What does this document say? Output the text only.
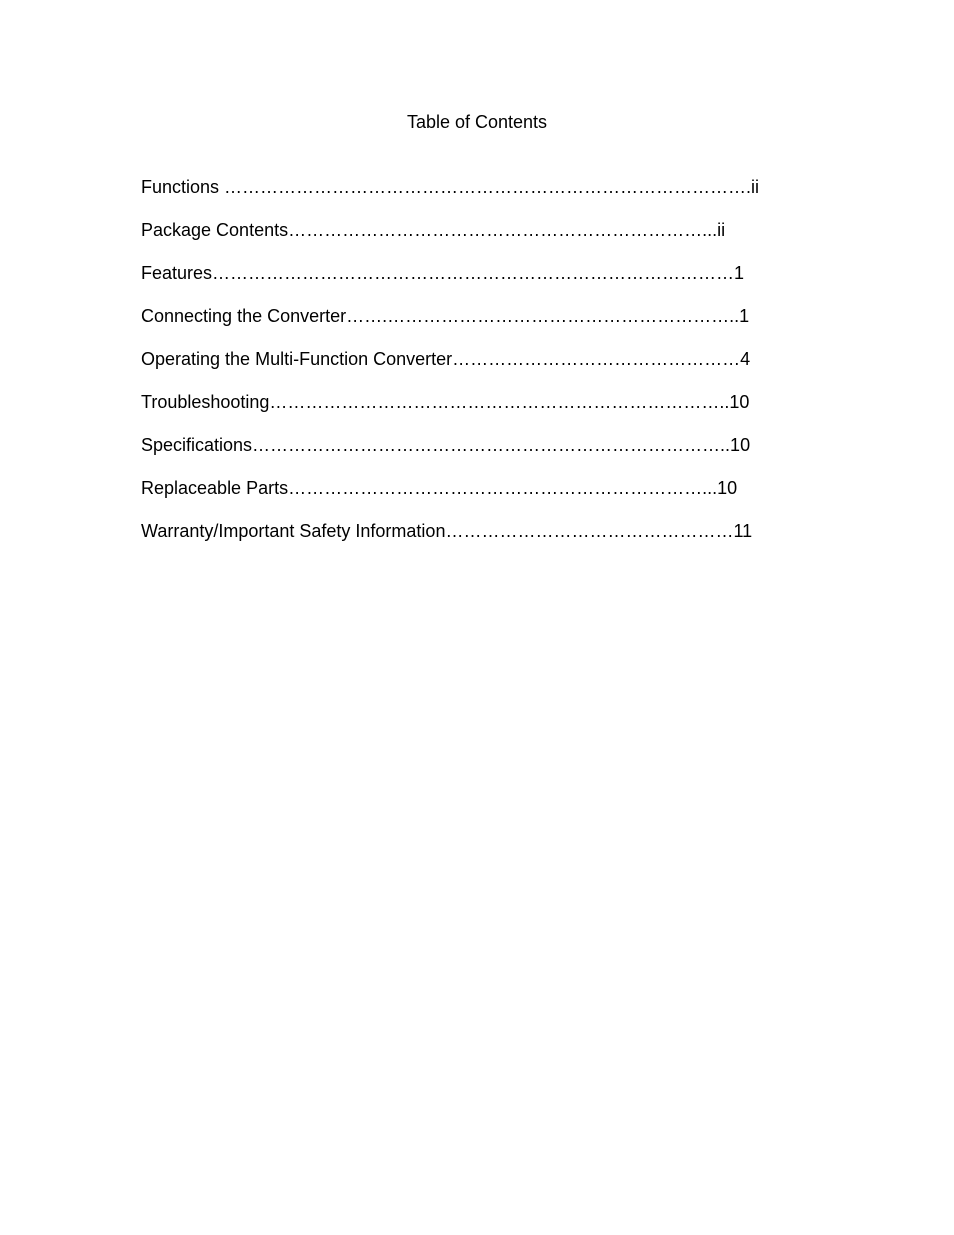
Table of Contents
Functions …………………………………………………………………………….ii
Package Contents……………………………………………………………...ii
Features……………………………………………………………………………1
Connecting the Converter…….…………………………………………………..1
Operating the Multi-Function Converter…………………………………………4
Troubleshooting…………………………………………………………………..10
Specifications……………………………………………………………………..10
Replaceable Parts……………………………………………………………...10
Warranty/Important Safety Information…………………………………………11
